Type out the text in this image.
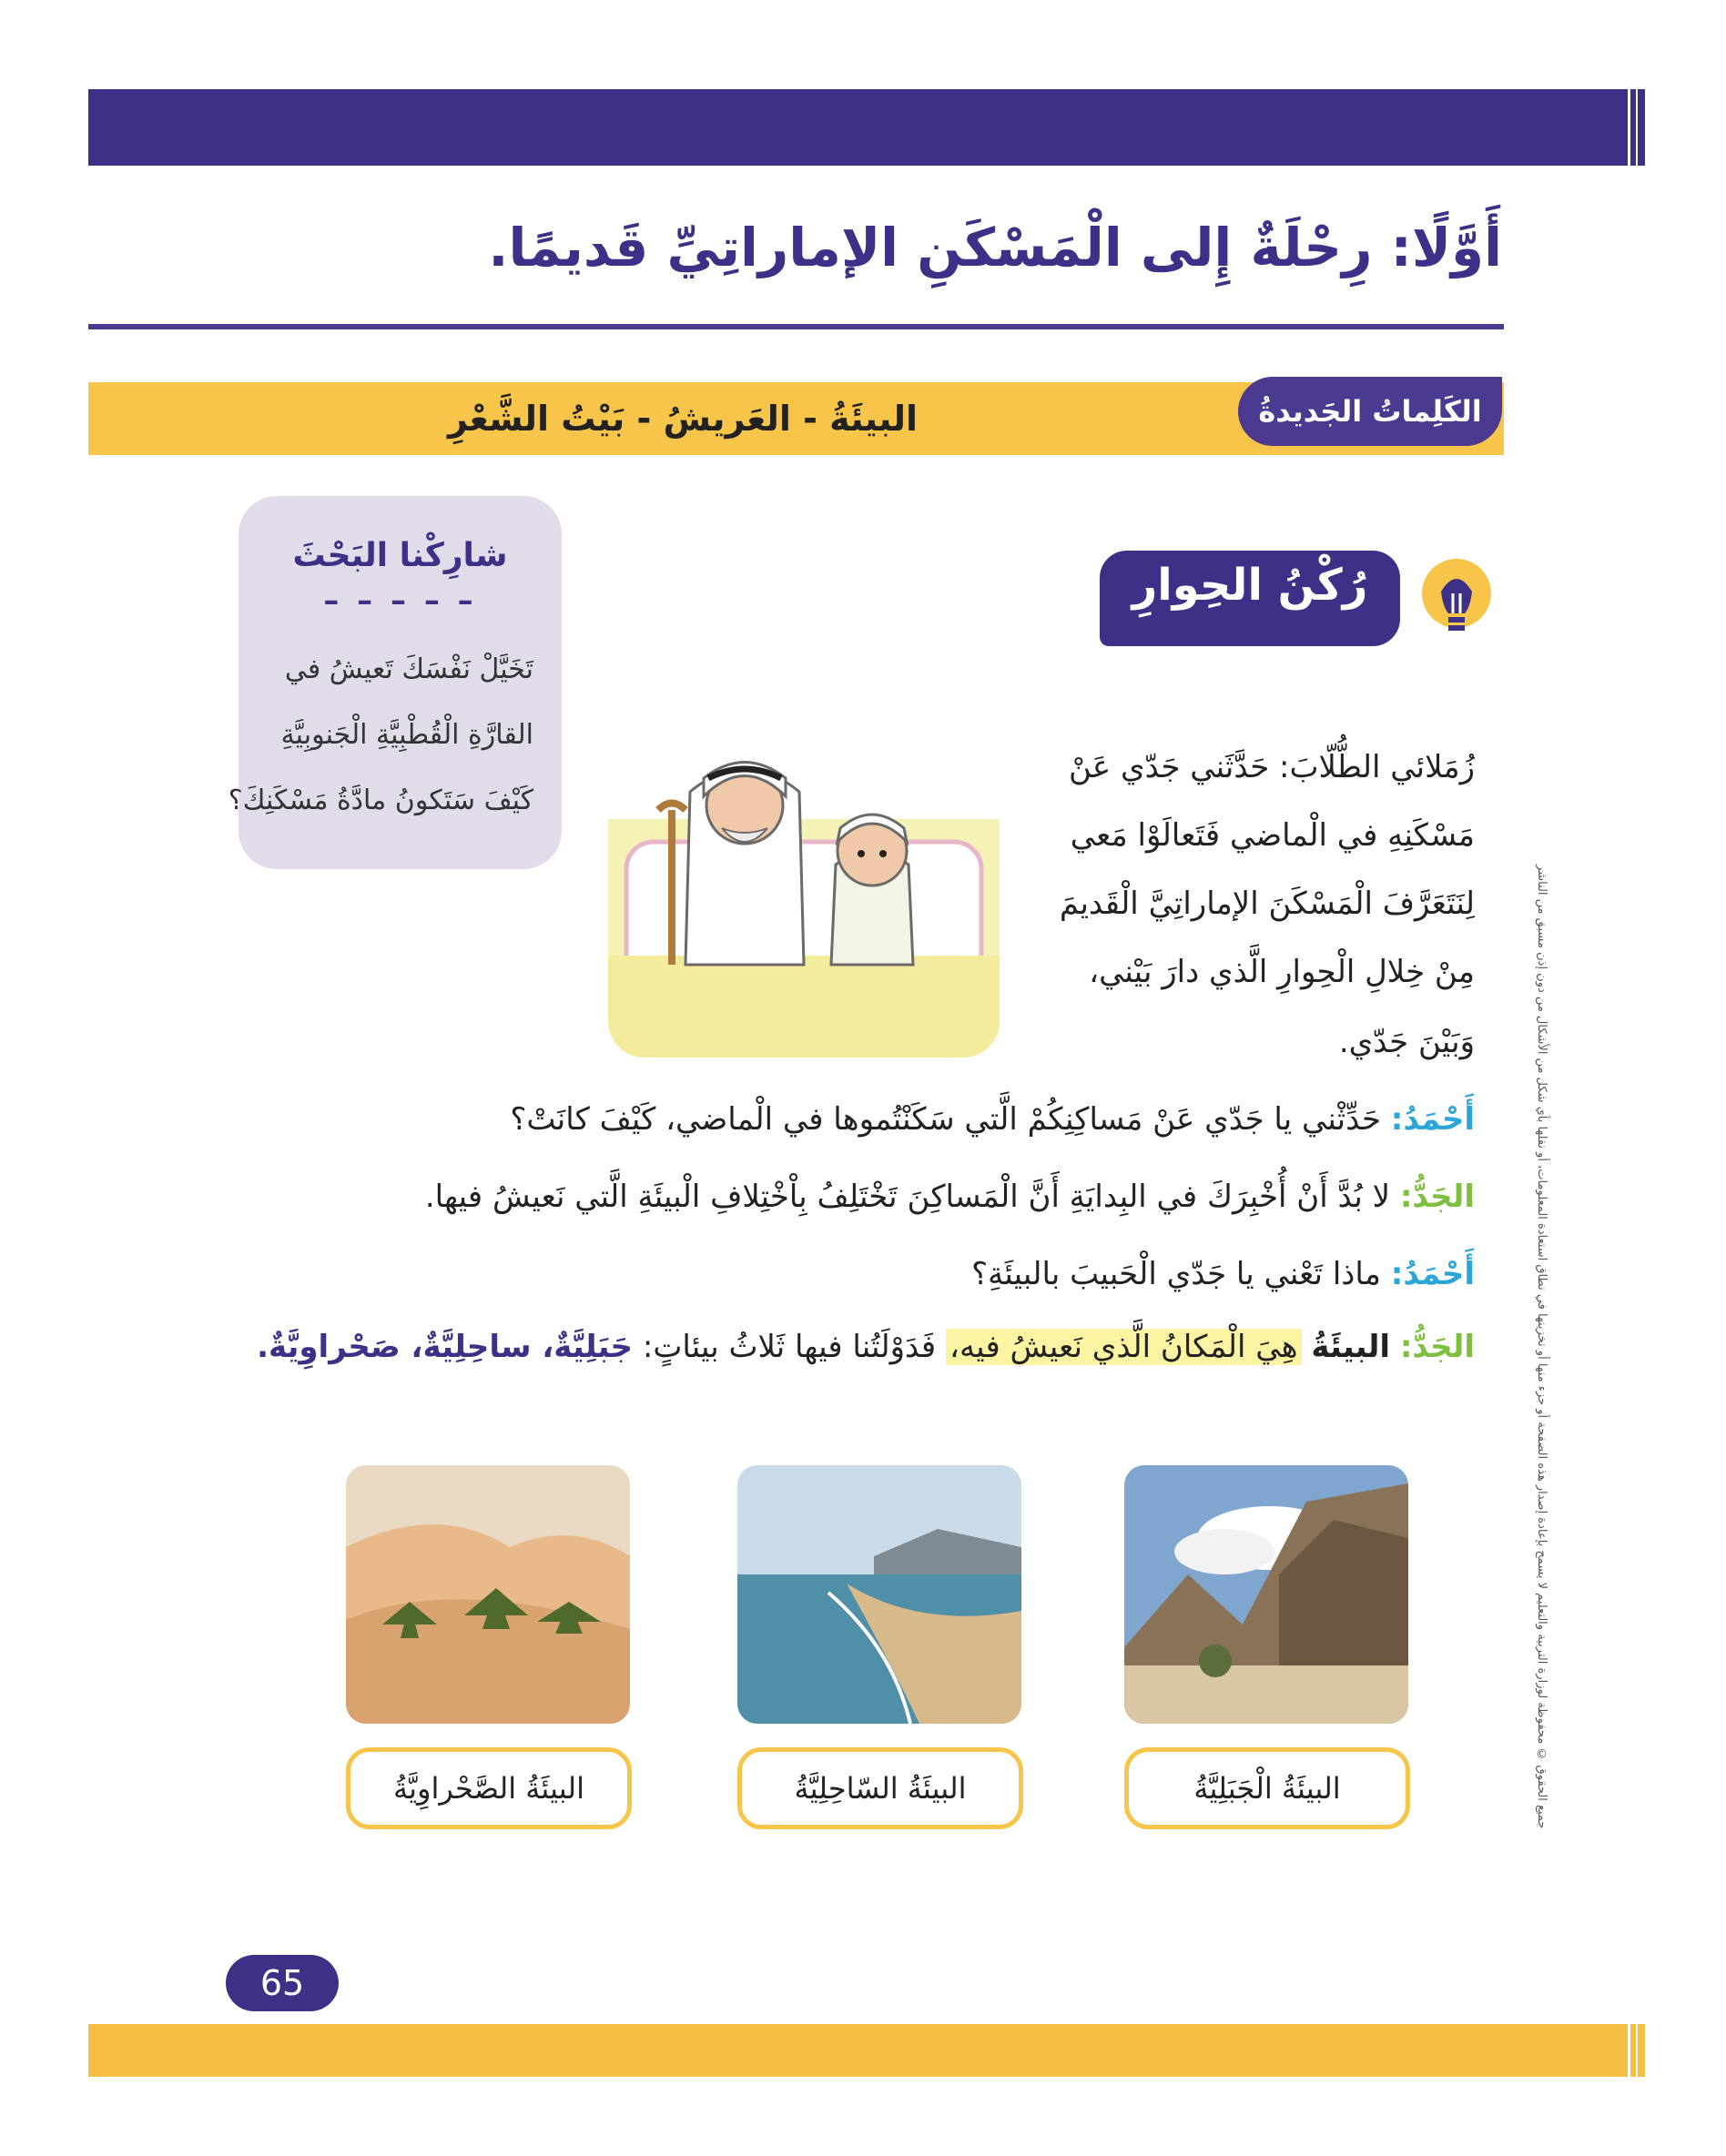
أَوَّلًا: رِحْلَةٌ إِلى الْمَسْكَنِ الإماراتِيِّ قَديمًا.
البيئَةُ - العَريشُ - بَيْتُ الشَّعْرِ	الكَلِماتُ الجَديدةُ
شارِكْنا البَحْثَ
– – – – –
تَخَيَّلْ نَفْسَكَ تَعيشُ في
القارَّةِ الْقُطْبِيَّةِ الْجَنوبِيَّةِ
كَيْفَ سَتَكونُ مادَّةُ مَسْكَنِكَ؟
رُكْنُ الحِوارِ
زُمَلائي الطُّلّابَ: حَدَّثَني جَدّي عَنْ
مَسْكَنِهِ في الْماضي فَتَعالَوْا مَعي
لِنَتَعَرَّفَ الْمَسْكَنَ الإماراتِيَّ الْقَديمَ
مِنْ خِلالِ الْحِوارِ الَّذي دارَ بَيْني،
وَبَيْنَ جَدّي.
أَحْمَدُ: حَدِّثْني يا جَدّي عَنْ مَساكِنِكُمْ الَّتي سَكَنْتُموها في الْماضي، كَيْفَ كانَتْ؟
الجَدُّ: لا بُدَّ أَنْ أُخْبِرَكَ في البِدايَةِ أَنَّ الْمَساكِنَ تَخْتَلِفُ بِاْخْتِلافِ الْبيئَةِ الَّتي نَعيشُ فيها.
أَحْمَدُ: ماذا تَعْني يا جَدّي الْحَبيبَ بالبيئَةِ؟
الجَدُّ: البيئَةُ هِيَ الْمَكانُ الَّذي نَعيشُ فيه، فَدَوْلَتُنا فيها ثَلاثُ بيئاتٍ: جَبَلِيَّةٌ، ساحِلِيَّةٌ، صَحْراوِيَّةٌ.
البيئَةُ الْجَبَلِيَّةُ
البيئَةُ السّاحِلِيَّةُ
البيئَةُ الصَّحْراوِيَّةُ	جميع الحقوق © محفوظة لوزارة التربية والتعليم لا يسمح بإعادة إصدار هذه الصفحة أو جزء منها أو تخزينها في نطاق استعادة المعلومات، أو نقلها بأي شكل من الأشكال من دون إذن مسبق من الناشر
65
